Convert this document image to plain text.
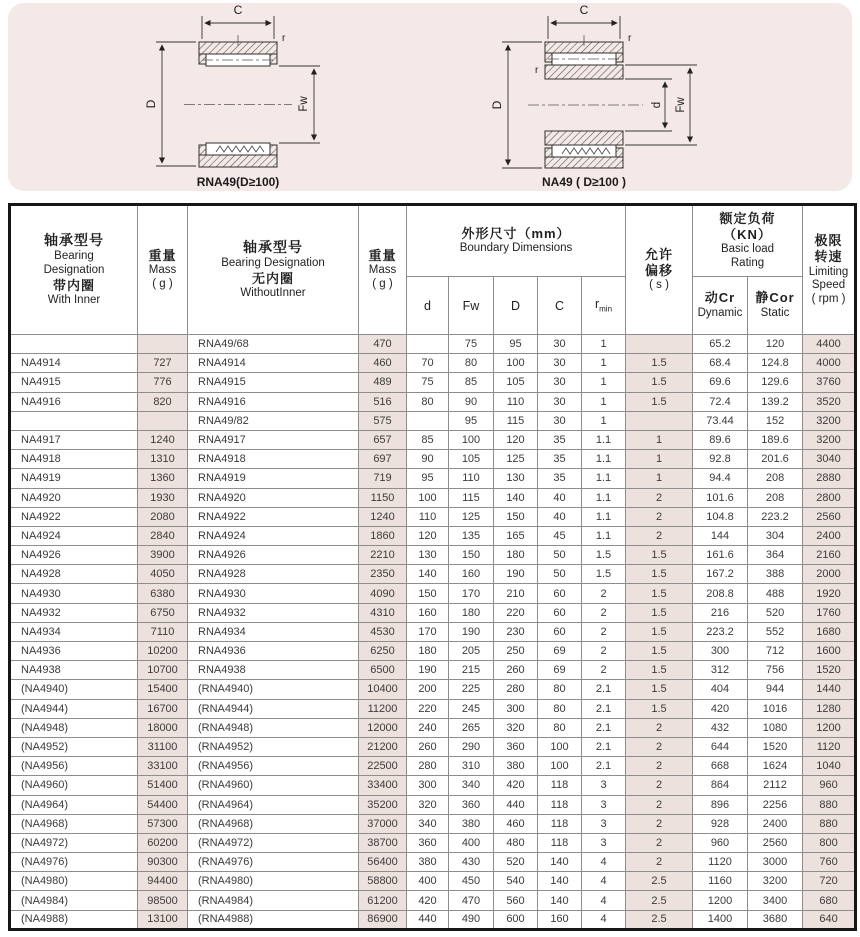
C
r
D	Fw
RNA49(D≥100)
C
r
r
D	d Fw
NA49 ( D≥100 )
轴承型号
Bearing
Designation
带内圈
With Inner

重量
Mass
( g )

轴承型号
Bearing Designation
无内圈
WithoutInner

重量
Mass
( g )

外形尺寸（mm）
Boundary Dimensions	允许
偏移
( s )

额定负荷
（KN）
Basic load
Rating

极限
转速
Limiting
Speed
( rpm )

d	Fw	D	C	$r_{min}$	
动Cr
Dynamic

静Cor
Static

		RNA49/68	470		75	95	30	1		65.2	120	4400
NA4914	727	RNA4914	460	70	80	100	30	1	1.5	68.4	124.8	4000
NA4915	776	RNA4915	489	75	85	105	30	1	1.5	69.6	129.6	3760
NA4916	820	RNA4916	516	80	90	110	30	1	1.5	72.4	139.2	3520
		RNA49/82	575		95	115	30	1		73.44	152	3200
NA4917	1240	RNA4917	657	85	100	120	35	1.1	1	89.6	189.6	3200
NA4918	1310	RNA4918	697	90	105	125	35	1.1	1	92.8	201.6	3040
NA4919	1360	RNA4919	719	95	110	130	35	1.1	1	94.4	208	2880
NA4920	1930	RNA4920	1150	100	115	140	40	1.1	2	101.6	208	2800
NA4922	2080	RNA4922	1240	110	125	150	40	1.1	2	104.8	223.2	2560
NA4924	2840	RNA4924	1860	120	135	165	45	1.1	2	144	304	2400
NA4926	3900	RNA4926	2210	130	150	180	50	1.5	1.5	161.6	364	2160
NA4928	4050	RNA4928	2350	140	160	190	50	1.5	1.5	167.2	388	2000
NA4930	6380	RNA4930	4090	150	170	210	60	2	1.5	208.8	488	1920
NA4932	6750	RNA4932	4310	160	180	220	60	2	1.5	216	520	1760
NA4934	7110	RNA4934	4530	170	190	230	60	2	1.5	223.2	552	1680
NA4936	10200	RNA4936	6250	180	205	250	69	2	1.5	300	712	1600
NA4938	10700	RNA4938	6500	190	215	260	69	2	1.5	312	756	1520
(NA4940)	15400	(RNA4940)	10400	200	225	280	80	2.1	1.5	404	944	1440
(NA4944)	16700	(RNA4944)	11200	220	245	300	80	2.1	1.5	420	1016	1280
(NA4948)	18000	(RNA4948)	12000	240	265	320	80	2.1	2	432	1080	1200
(NA4952)	31100	(RNA4952)	21200	260	290	360	100	2.1	2	644	1520	1120
(NA4956)	33100	(RNA4956)	22500	280	310	380	100	2.1	2	668	1624	1040
(NA4960)	51400	(RNA4960)	33400	300	340	420	118	3	2	864	2112	960
(NA4964)	54400	(RNA4964)	35200	320	360	440	118	3	2	896	2256	880
(NA4968)	57300	(RNA4968)	37000	340	380	460	118	3	2	928	2400	880
(NA4972)	60200	(RNA4972)	38700	360	400	480	118	3	2	960	2560	800
(NA4976)	90300	(RNA4976)	56400	380	430	520	140	4	2	1120	3000	760
(NA4980)	94400	(RNA4980)	58800	400	450	540	140	4	2.5	1160	3200	720
(NA4984)	98500	(RNA4984)	61200	420	470	560	140	4	2.5	1200	3400	680
(NA4988)	13100	(RNA4988)	86900	440	490	600	160	4	2.5	1400	3680	640
